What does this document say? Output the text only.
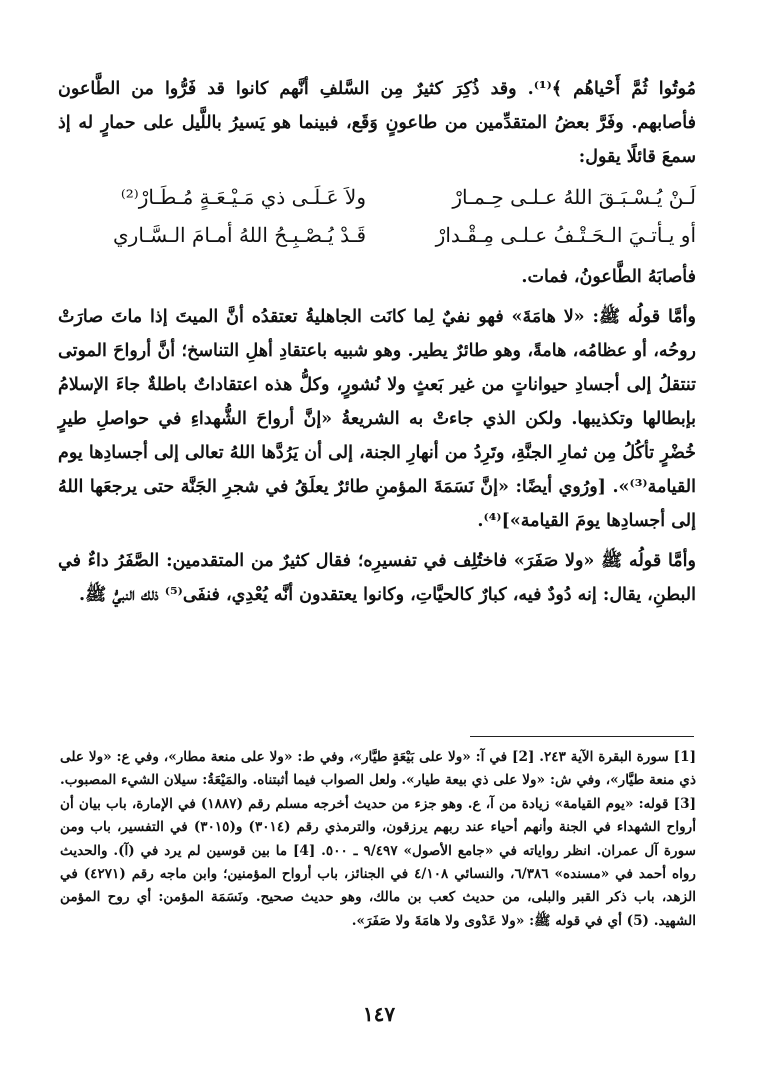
مُوتُوا ثُمَّ أَحْياهُم ﴾⁽¹⁾. وقد ذُكِرَ كثيرٌ مِن السَّلفِ أنَّهم كانوا قد فَرُّوا من الطَّاعون فأصابهم. وفَرَّ بعضُ المتقدِّمين من طاعونٍ وَقَع، فبينما هو يَسيرُ باللَّيل على حمارٍ له إذ سمعَ قائلًا يقول:

لَـنْ يُـسْـبَـقَ اللهُ عـلـى حِـمـارْ
ولاَ عَـلَـى ذي مَـيْـعَـةٍ مُـطَـارْ⁽²⁾
أو يـأتـيَ الـحَـتْـفُ عـلـى مِـقْـدارْ
قَـدْ يُـصْـبِـحُ اللهُ أمـامَ الـسَّـاري

فأصابَهُ الطَّاعونُ، فمات.

وأمَّا قولُه ﷺ: «لا هامَةَ» فهو نفيٌ لِما كانَت الجاهليةُ تعتقدُه أنَّ الميتَ إذا ماتَ صارَتْ روحُه، أو عظامُه، هامةً، وهو طائرٌ يطير. وهو شبيه باعتقادِ أهلِ التناسخ؛ أنَّ أرواحَ الموتى تنتقلُ إلى أجسادِ حيواناتٍ من غير بَعثٍ ولا نُشورٍ، وكلُّ هذه اعتقاداتٌ باطلةٌ جاءَ الإسلامُ بإبطالها وتكذيبها. ولكن الذي جاءتْ به الشريعةُ «إنَّ أرواحَ الشُّهداءِ في حواصلِ طيرٍ خُضْرٍ تأكُلُ مِن ثمارِ الجنَّةِ، وتَرِدُ من أنهارِ الجنة، إلى أن يَرُدَّها اللهُ تعالى إلى أجسادِها يوم القيامة⁽³⁾». [ورُوي أيضًا: «إنَّ نَسَمَةَ المؤمنِ طائرٌ يعلَقُ في شجرِ الجَنَّة حتى يرجعَها اللهُ إلى أجسادِها يومَ القيامة»]⁽⁴⁾.

وأمَّا قولُه ﷺ «ولا صَفَرَ» فاختُلِف في تفسيرِه؛ فقال كثيرٌ من المتقدمين: الصَّفَرُ داءٌ في البطنِ، يقال: إنه دُودٌ فيه، كبارٌ كالحيَّاتِ، وكانوا يعتقدون أنَّه يُعْدِي، فنفَى⁽⁵⁾ ذلك النبيُّ ﷺ.

[1] سورة البقرة الآية ٢٤٣. [2] في آ: «ولا على بَيْعَةٍ طيَّار»، وفي ط: «ولا على منعة مطار»، وفي ع: «ولا على ذي منعة طيَّار»، وفي ش: «ولا على ذي بيعة طيار». ولعل الصواب فيما أثبتناه. والمَيْعَةُ: سيلان الشيء المصبوب. [3] قوله: «يوم القيامة» زيادة من آ، ع. وهو جزء من حديث أخرجه مسلم رقم (١٨٨٧) في الإمارة، باب بيان أن أرواح الشهداء في الجنة وأنهم أحياء عند ربهم يرزقون، والترمذي رقم (٣٠١٤) و(٣٠١٥) في التفسير، باب ومن سورة آل عمران. انظر رواياته في «جامع الأصول» ٩/٤٩٧ ـ ٥٠٠. [4] ما بين قوسين لم يرد في (آ). والحديث رواه أحمد في «مسنده» ٦/٣٨٦، والنسائي ٤/١٠٨ في الجنائز، باب أرواح المؤمنين؛ وابن ماجه رقم (٤٢٧١) في الزهد، باب ذكر القبر والبلى، من حديث كعب بن مالك، وهو حديث صحيح. ونَسَمَة المؤمن: أي روح المؤمن الشهيد. (5) أي في قوله ﷺ: «ولا عَدْوى ولا هامَةَ ولا صَفَرَ».

١٤٧
